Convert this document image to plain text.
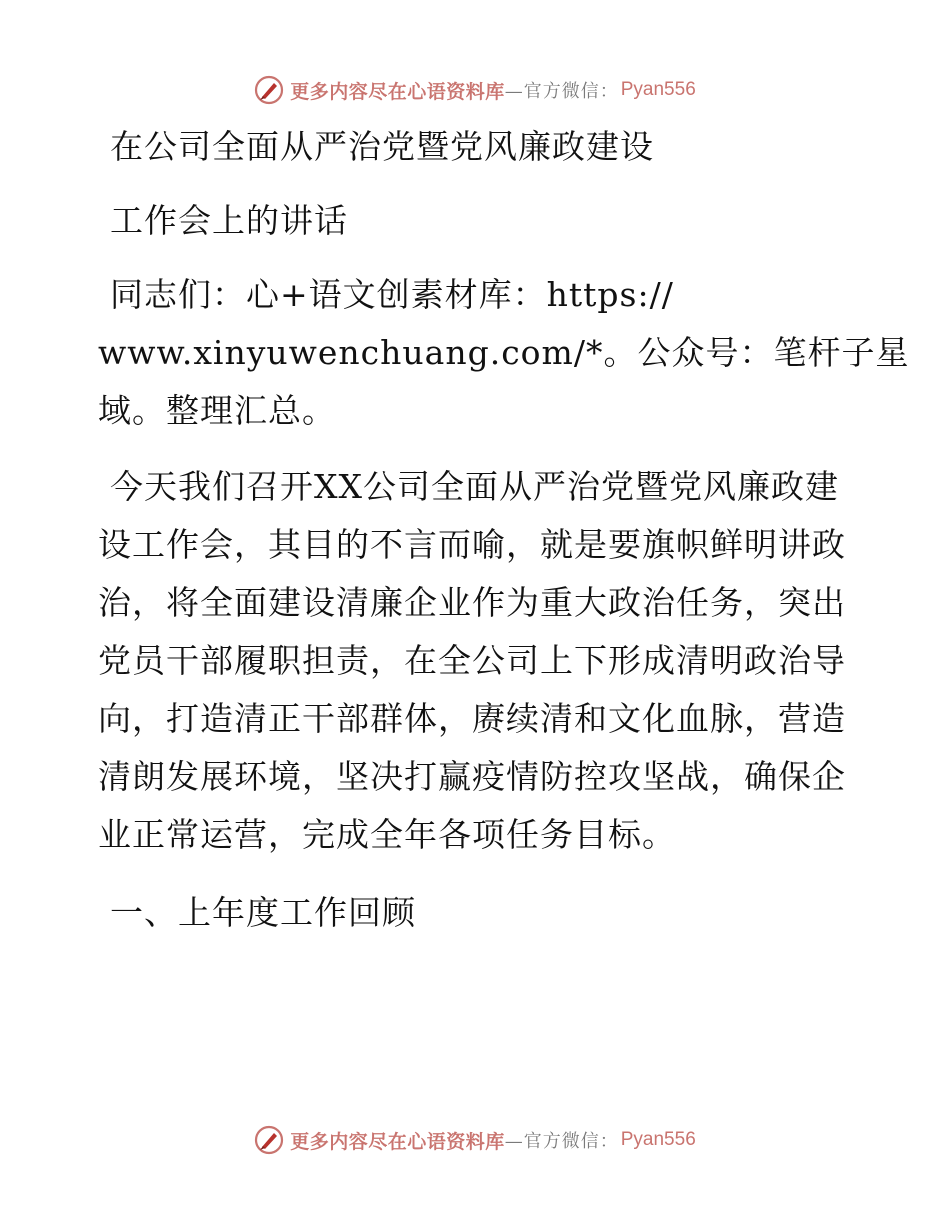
更多内容尽在心语资料库 —官方微信： Pyan556
在公司全面从严治党暨党风廉政建设
工作会上的讲话
同志们：心+语文创素材库：https://
www.xinyuwenchuang.com/*。公众号：笔杆子星
域。整理汇总。
今天我们召开XX公司全面从严治党暨党风廉政建
设工作会，其目的不言而喻，就是要旗帜鲜明讲政
治，将全面建设清廉企业作为重大政治任务，突出
党员干部履职担责，在全公司上下形成清明政治导
向，打造清正干部群体，赓续清和文化血脉，营造
清朗发展环境，坚决打赢疫情防控攻坚战，确保企
业正常运营，完成全年各项任务目标。
一、上年度工作回顾
更多内容尽在心语资料库 —官方微信： Pyan556
